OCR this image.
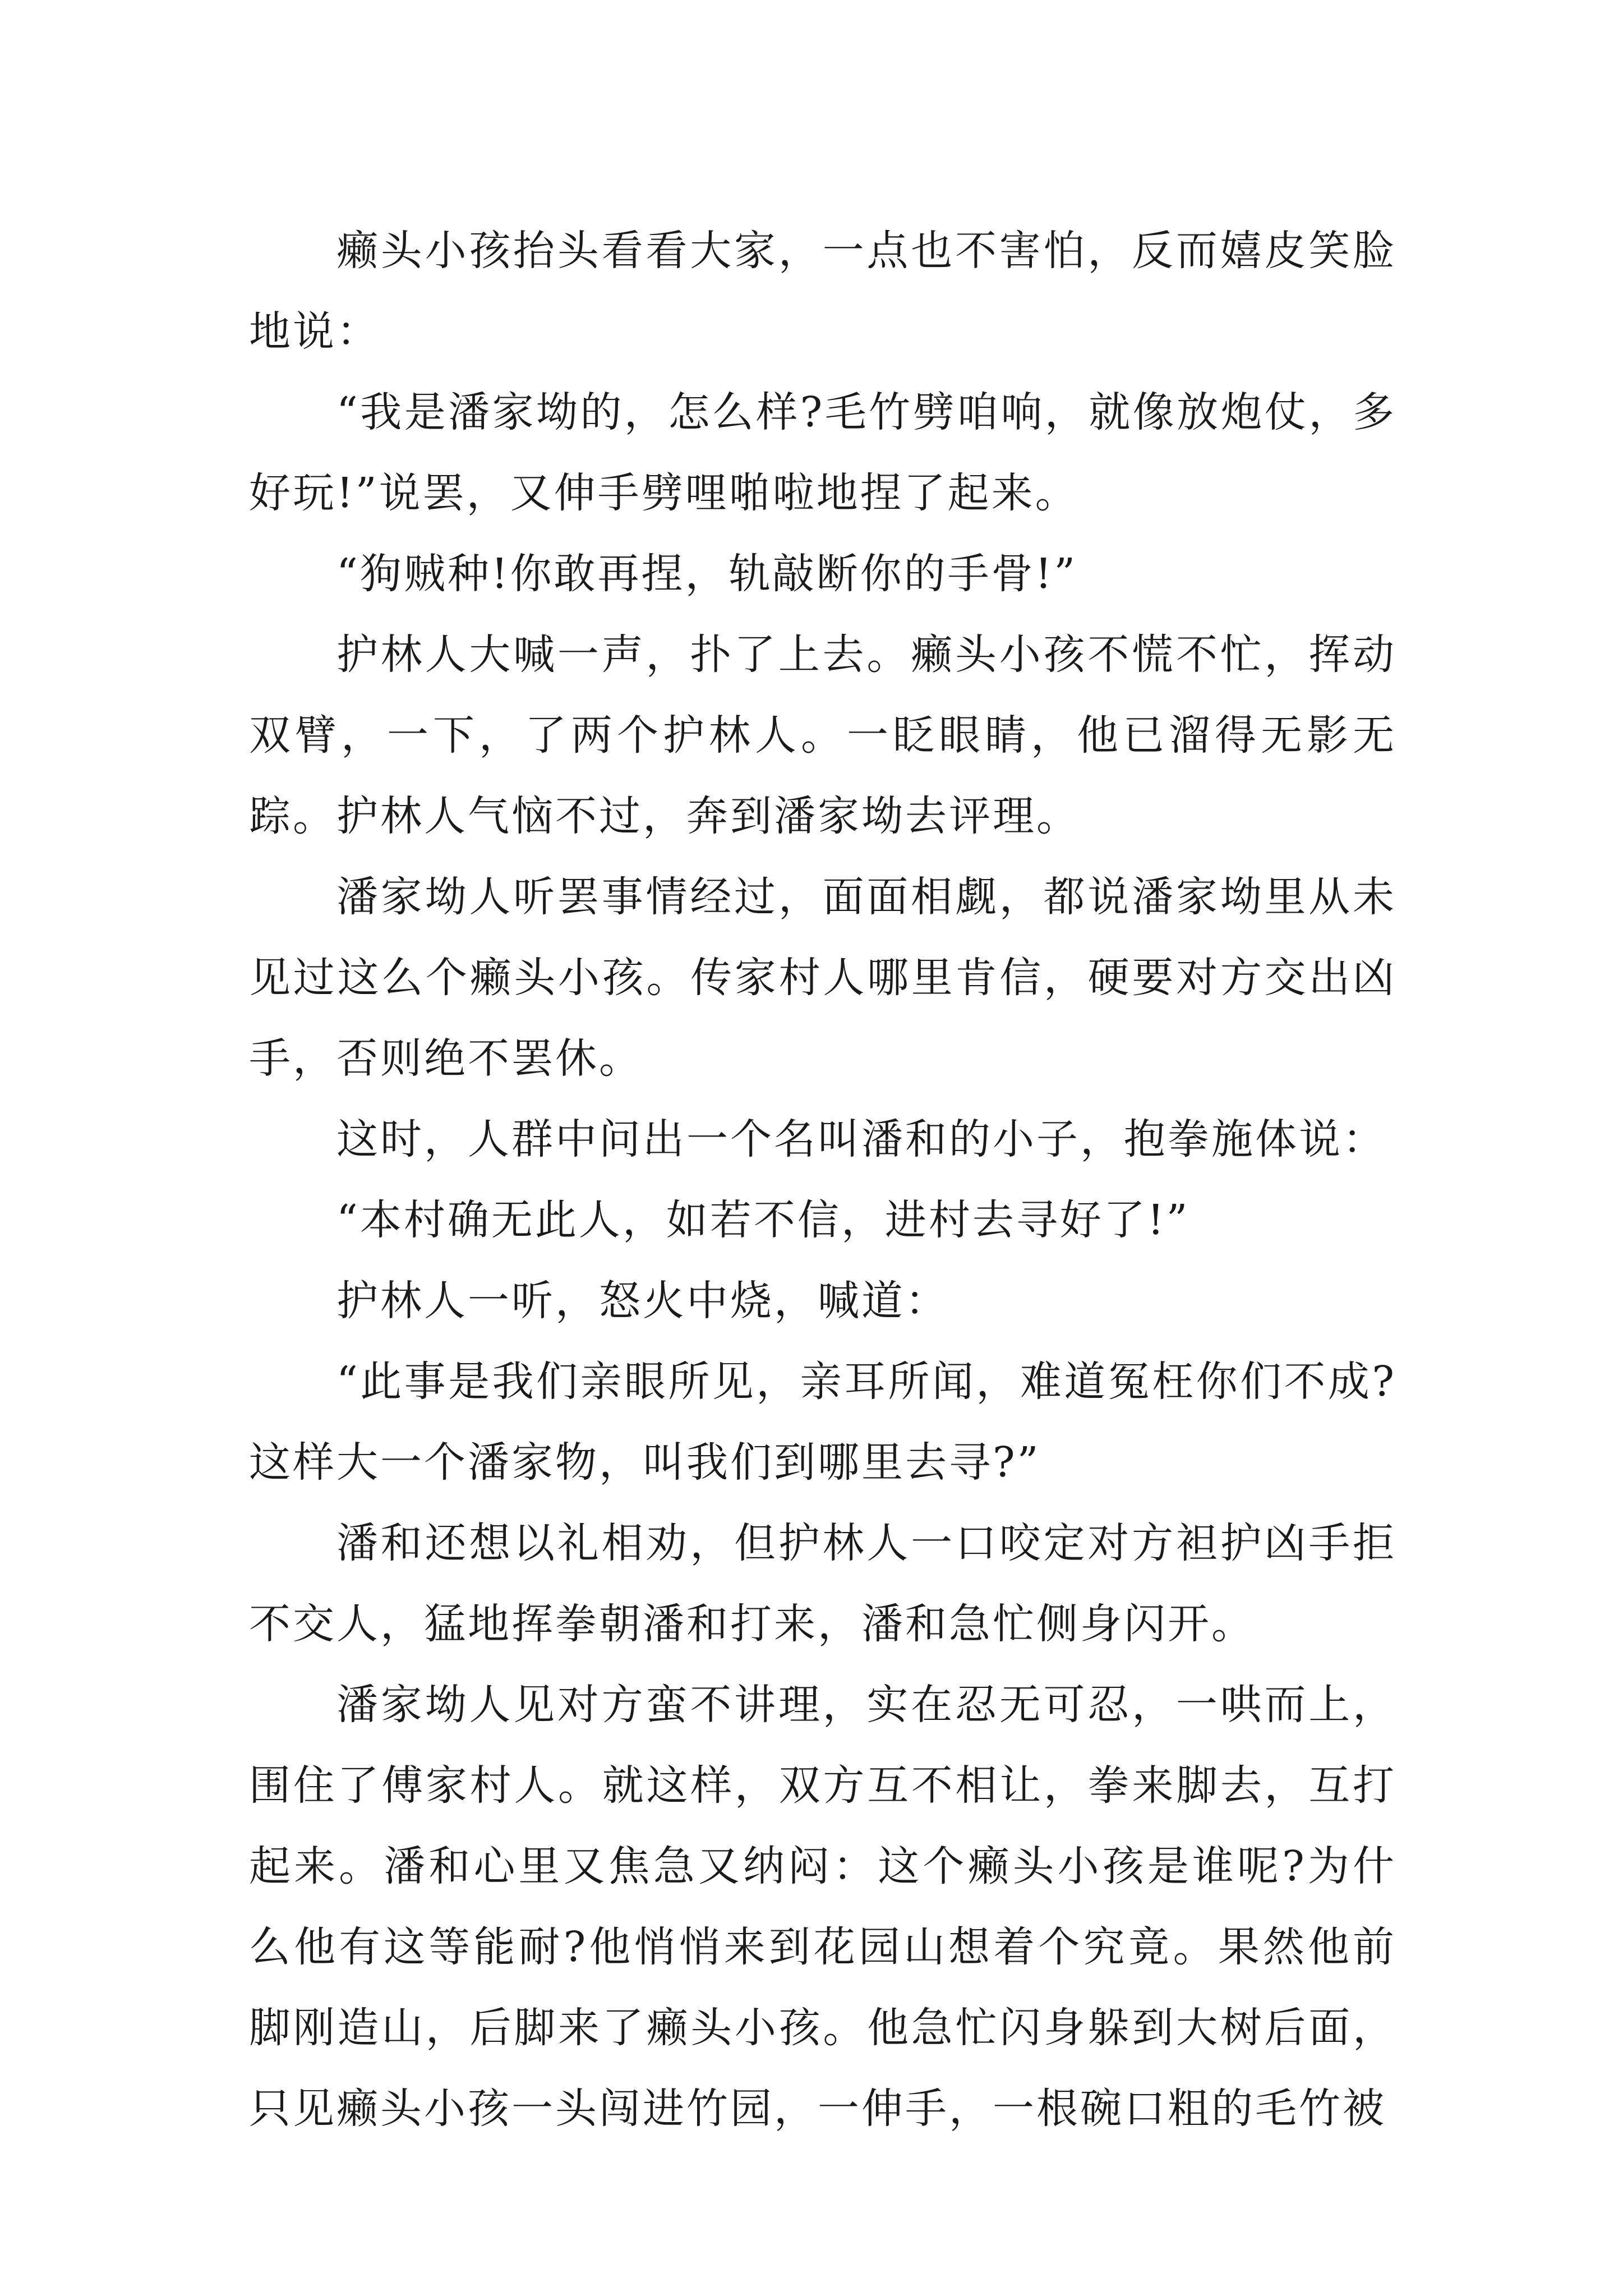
癞头小孩抬头看看大家，一点也不害怕，反而嬉皮笑脸地说：

“我是潘家坳的，怎么样?毛竹劈咱响，就像放炮仗，多好玩!”说罢，又伸手劈哩啪啦地捏了起来。

“狗贼种!你敢再捏，轨敲断你的手骨!”

护林人大喊一声，扑了上去。癞头小孩不慌不忙，挥动双臂，一下，了两个护林人。一眨眼睛，他已溜得无影无踪。护林人气恼不过，奔到潘家坳去评理。

潘家坳人听罢事情经过，面面相觑，都说潘家坳里从未见过这么个癞头小孩。传家村人哪里肯信，硬要对方交出凶手，否则绝不罢休。

这时，人群中问出一个名叫潘和的小子，抱拳施体说：

“本村确无此人，如若不信，进村去寻好了!”

护林人一听，怒火中烧，喊道：

“此事是我们亲眼所见，亲耳所闻，难道冤枉你们不成?这样大一个潘家物，叫我们到哪里去寻?”

潘和还想以礼相劝，但护林人一口咬定对方袒护凶手拒不交人，猛地挥拳朝潘和打来，潘和急忙侧身闪开。

潘家坳人见对方蛮不讲理，实在忍无可忍，一哄而上，围住了傅家村人。就这样，双方互不相让，拳来脚去，互打起来。潘和心里又焦急又纳闷：这个癞头小孩是谁呢?为什么他有这等能耐?他悄悄来到花园山想着个究竟。果然他前脚刚造山，后脚来了癞头小孩。他急忙闪身躲到大树后面，只见癞头小孩一头闯进竹园，一伸手，一根碗口粗的毛竹被
